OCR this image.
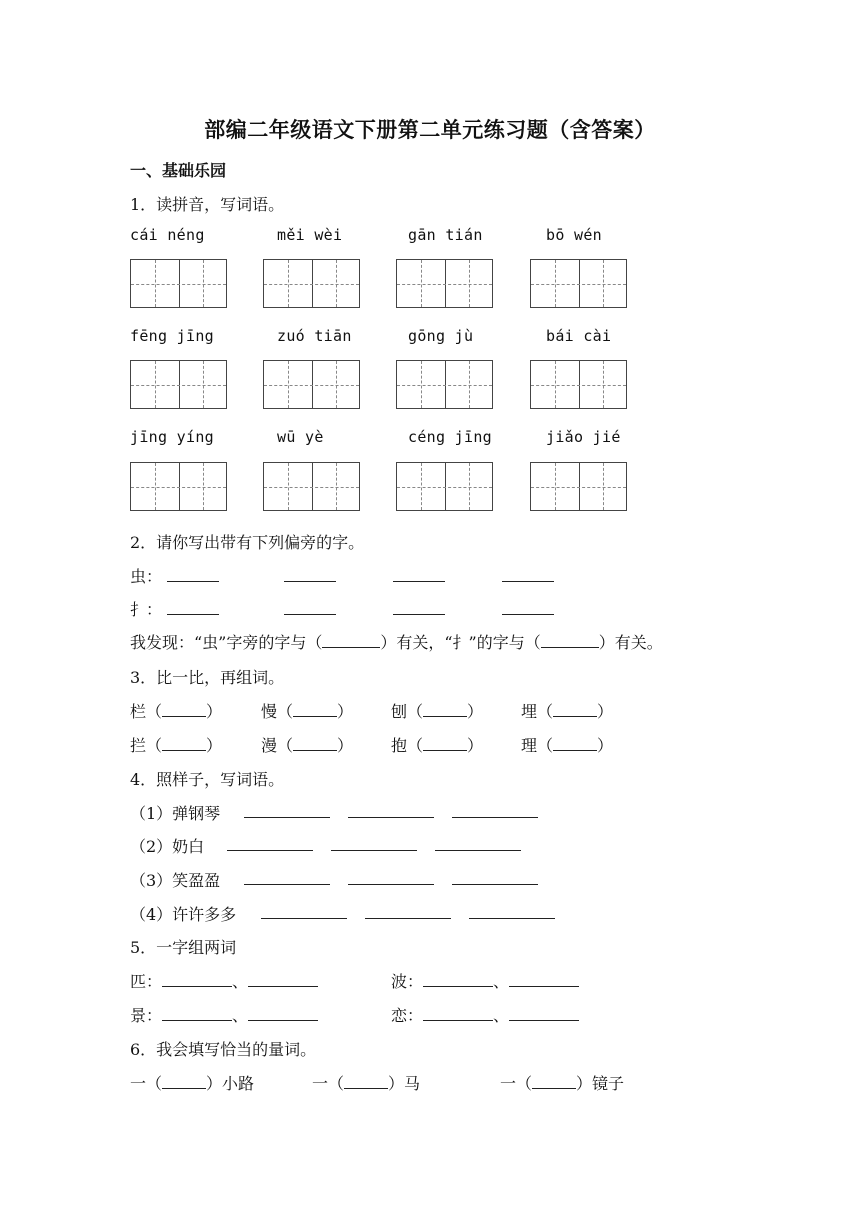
部编二年级语文下册第二单元练习题（含答案）
一、基础乐园
1．读拼音，写词语。
cái néng	měi wèi	gān tián	bō wén
fēng jīng	zuó tiān	gōng jù	bái cài
jīng yíng	wū yè	céng jīng	jiǎo jié
2．请你写出带有下列偏旁的字。
虫：
扌：
我发现：“虫”字旁的字与（	）有关，“扌”的字与（	）有关。
3．比一比，再组词。
栏（	） 慢（	） 刨（	） 埋（	）
拦（	） 漫（	） 抱（	） 理（	）
4．照样子，写词语。
（1）弹钢琴
（2）奶白
（3）笑盈盈
（4）许许多多
5．一字组两词
匹：	、	波：	、
景：	、	恋：	、
6．我会填写恰当的量词。
一（	）小路	一（	）马	一（	）镜子
